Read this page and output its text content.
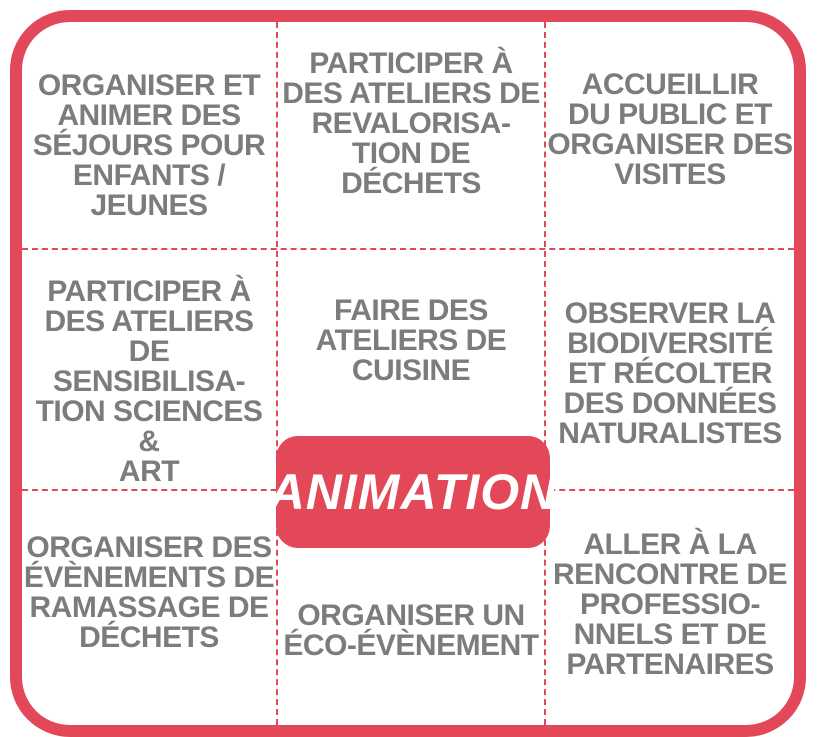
ORGANISER ET
ANIMER DES
SÉJOURS POUR
ENFANTS /
JEUNES
PARTICIPER À
DES ATELIERS DE
REVALORISA-
TION DE
DÉCHETS
ACCUEILLIR
DU PUBLIC ET
ORGANISER DES
VISITES
PARTICIPER À
DES ATELIERS DE
SENSIBILISA-
TION SCIENCES &
ART
FAIRE DES
ATELIERS DE
CUISINE
OBSERVER LA
BIODIVERSITÉ
ET RÉCOLTER
DES DONNÉES
NATURALISTES
ORGANISER DES
ÉVÈNEMENTS DE
RAMASSAGE DE
DÉCHETS
ORGANISER UN
ÉCO-ÉVÈNEMENT
ALLER À LA
RENCONTRE DE
PROFESSIO-
NNELS ET DE
PARTENAIRES
ANIMATION
